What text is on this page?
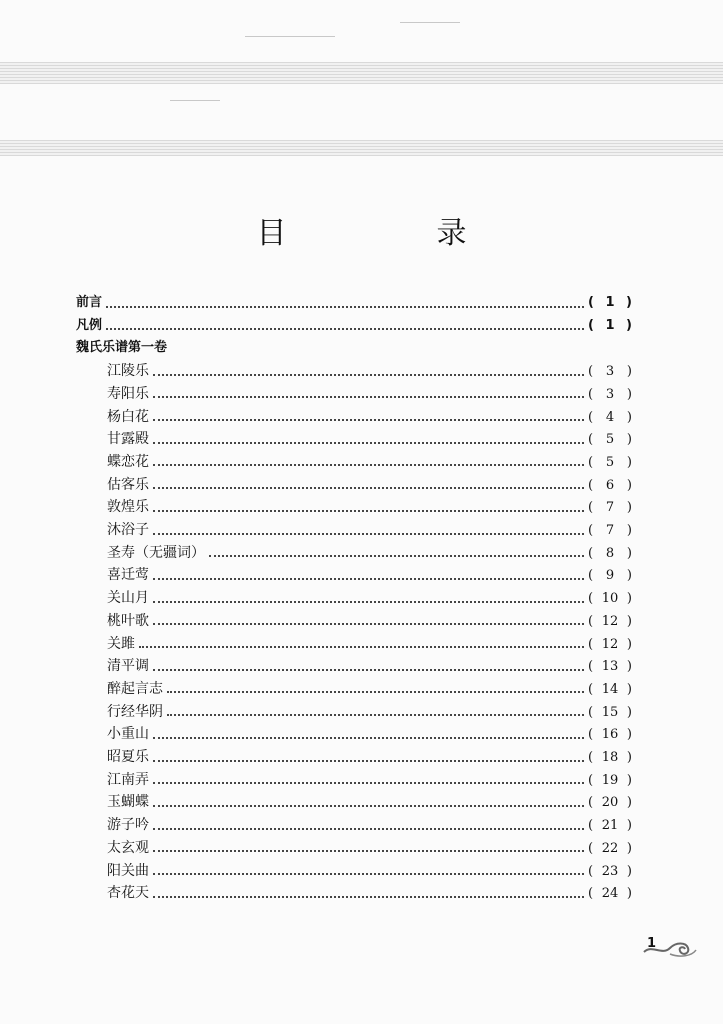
目　录
前言	( 1 )
凡例	( 1 )
魏氏乐谱第一卷
江陵乐	( 3 )
寿阳乐	( 3 )
杨白花	( 4 )
甘露殿	( 5 )
蝶恋花	( 5 )
估客乐	( 6 )
敦煌乐	( 7 )
沐浴子	( 7 )
圣寿（无疆词）	( 8 )
喜迁莺	( 9 )
关山月	( 10 )
桃叶歌	( 12 )
关雎	( 12 )
清平调	( 13 )
醉起言志	( 14 )
行经华阴	( 15 )
小重山	( 16 )
昭夏乐	( 18 )
江南弄	( 19 )
玉蝴蝶	( 20 )
游子吟	( 21 )
太玄观	( 22 )
阳关曲	( 23 )
杏花天	( 24 )
1
